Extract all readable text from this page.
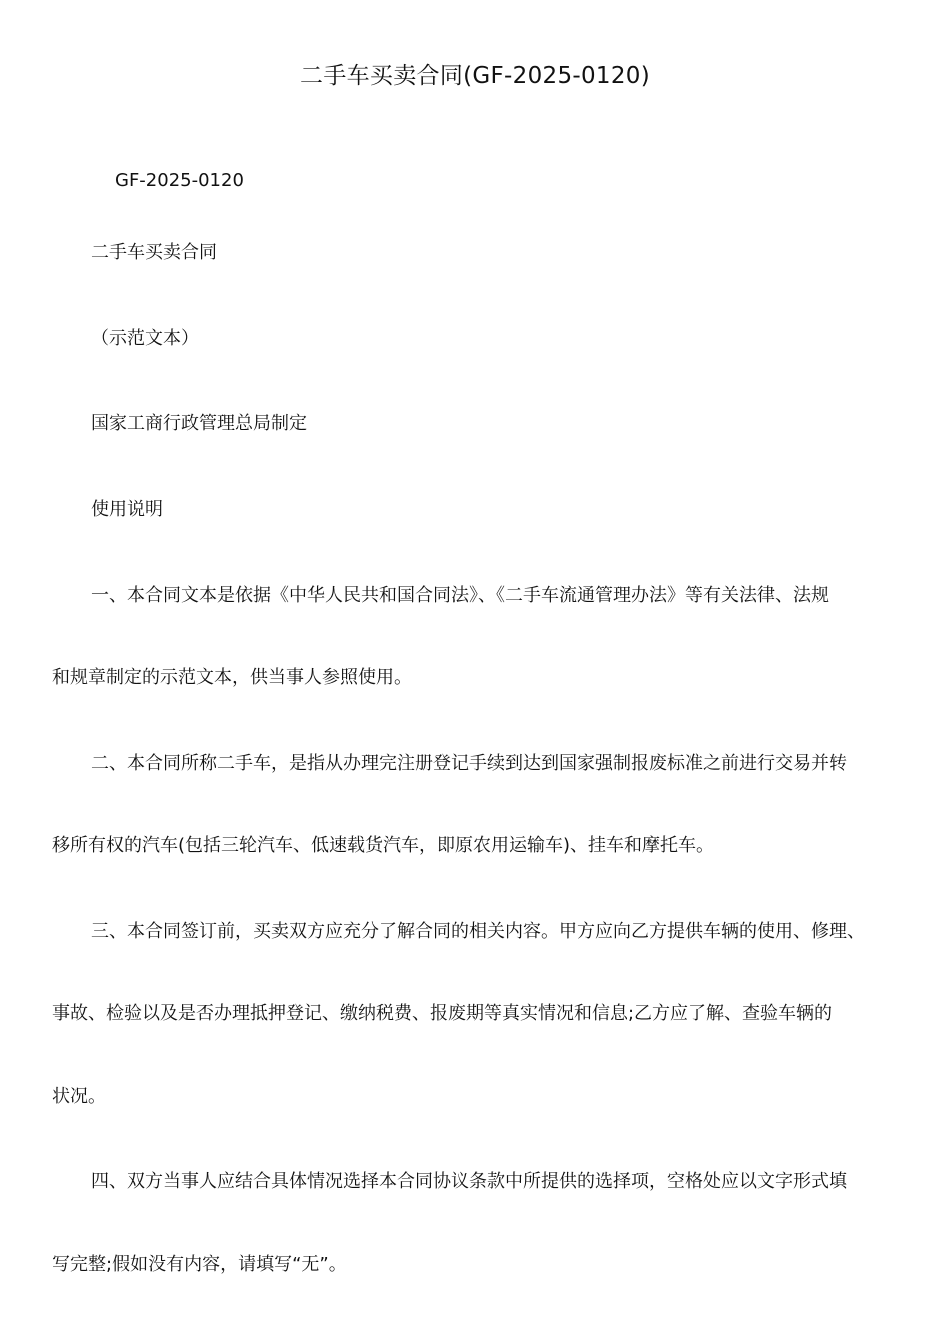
二手车买卖合同(GF-2025-0120)
GF-2025-0120
二手车买卖合同
（示范文本）
国家工商行政管理总局制定
使用说明
一、本合同文本是依据《中华人民共和国合同法》、《二手车流通管理办法》等有关法律、法规
和规章制定的示范文本，供当事人参照使用。
二、本合同所称二手车，是指从办理完注册登记手续到达到国家强制报废标准之前进行交易并转
移所有权的汽车(包括三轮汽车、低速载货汽车，即原农用运输车)、挂车和摩托车。
三、本合同签订前，买卖双方应充分了解合同的相关内容。甲方应向乙方提供车辆的使用、修理、
事故、检验以及是否办理抵押登记、缴纳税费、报废期等真实情况和信息;乙方应了解、查验车辆的
状况。
四、双方当事人应结合具体情况选择本合同协议条款中所提供的选择项，空格处应以文字形式填
写完整;假如没有内容，请填写“无”。
